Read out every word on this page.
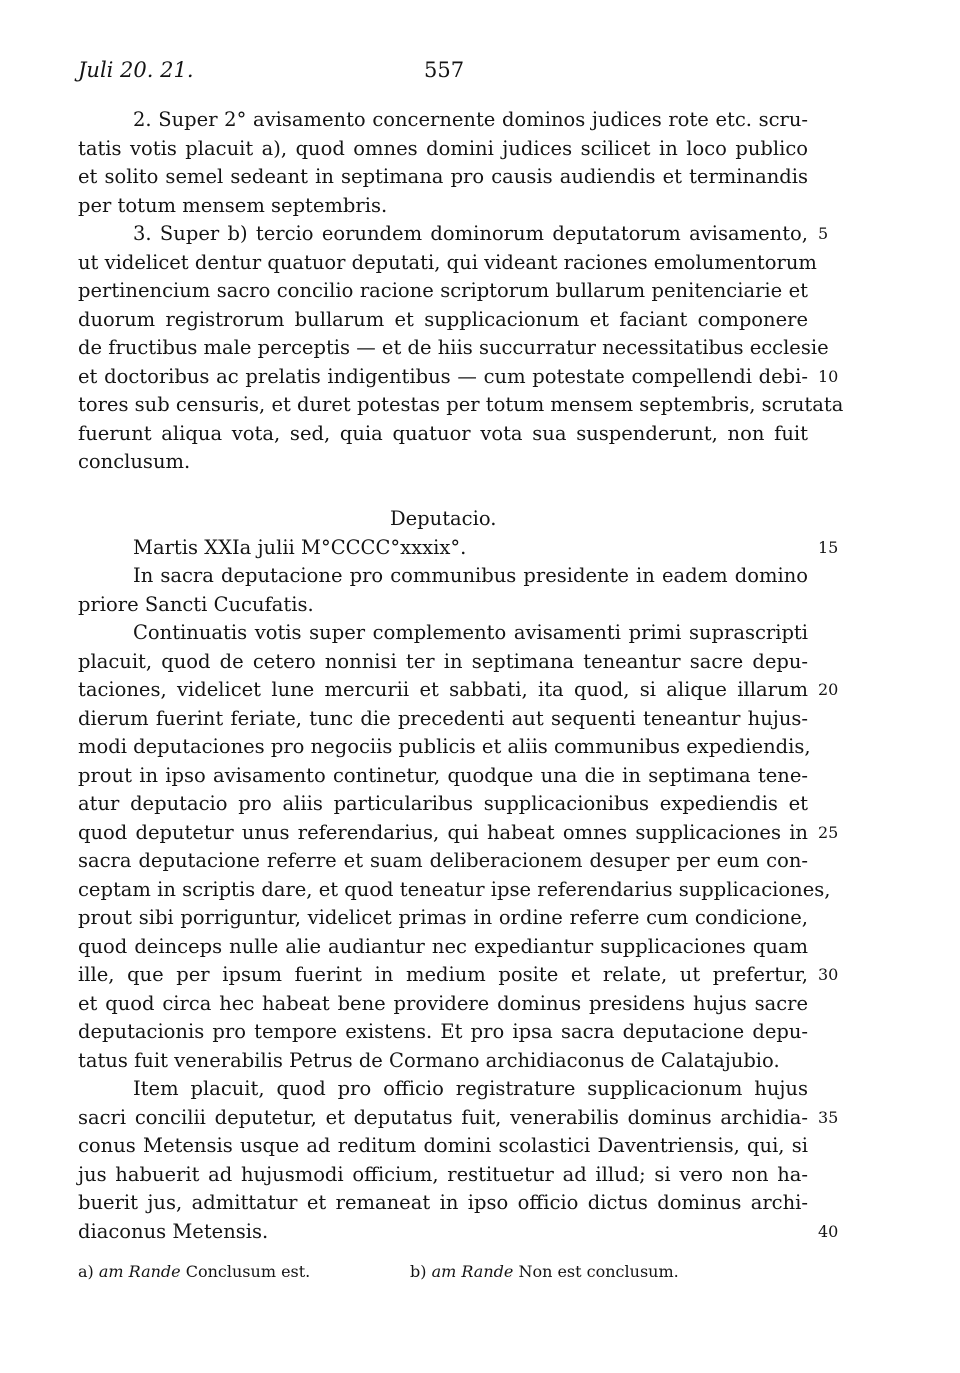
Juli 20. 21.	557
2. Super 2° avisamento concernente dominos judices rote etc. scru-
tatis votis placuit a), quod omnes domini judices scilicet in loco publico
et solito semel sedeant in septimana pro causis audiendis et terminandis
per totum mensem septembris.
3. Super b) tercio eorundem dominorum deputatorum avisamento,
ut videlicet dentur quatuor deputati, qui videant raciones emolumentorum
pertinencium sacro concilio racione scriptorum bullarum penitenciarie et
duorum registrorum bullarum et supplicacionum et faciant componere
de fructibus male perceptis — et de hiis succurratur necessitatibus ecclesie
et doctoribus ac prelatis indigentibus — cum potestate compellendi debi-
tores sub censuris, et duret potestas per totum mensem septembris, scrutata
fuerunt aliqua vota, sed, quia quatuor vota sua suspenderunt, non fuit
conclusum.
Deputacio.
Martis XXIa julii M°CCCC°xxxix°.
In sacra deputacione pro communibus presidente in eadem domino
priore Sancti Cucufatis.
Continuatis votis super complemento avisamenti primi suprascripti
placuit, quod de cetero nonnisi ter in septimana teneantur sacre depu-
taciones, videlicet lune mercurii et sabbati, ita quod, si alique illarum
dierum fuerint feriate, tunc die precedenti aut sequenti teneantur hujus-
modi deputaciones pro negociis publicis et aliis communibus expediendis,
prout in ipso avisamento continetur, quodque una die in septimana tene-
atur deputacio pro aliis particularibus supplicacionibus expediendis et
quod deputetur unus referendarius, qui habeat omnes supplicaciones in
sacra deputacione referre et suam deliberacionem desuper per eum con-
ceptam in scriptis dare, et quod teneatur ipse referendarius supplicaciones,
prout sibi porriguntur, videlicet primas in ordine referre cum condicione,
quod deinceps nulle alie audiantur nec expediantur supplicaciones quam
ille, que per ipsum fuerint in medium posite et relate, ut prefertur,
et quod circa hec habeat bene providere dominus presidens hujus sacre
deputacionis pro tempore existens. Et pro ipsa sacra deputacione depu-
tatus fuit venerabilis Petrus de Cormano archidiaconus de Calatajubio.
Item placuit, quod pro officio registrature supplicacionum hujus
sacri concilii deputetur, et deputatus fuit, venerabilis dominus archidia-
conus Metensis usque ad reditum domini scolastici Daventriensis, qui, si
jus habuerit ad hujusmodi officium, restituetur ad illud; si vero non ha-
buerit jus, admittatur et remaneat in ipso officio dictus dominus archi-
diaconus Metensis.
5
10
15
20
25
30
35
40
a) am Rande Conclusum est.	b) am Rande Non est conclusum.
